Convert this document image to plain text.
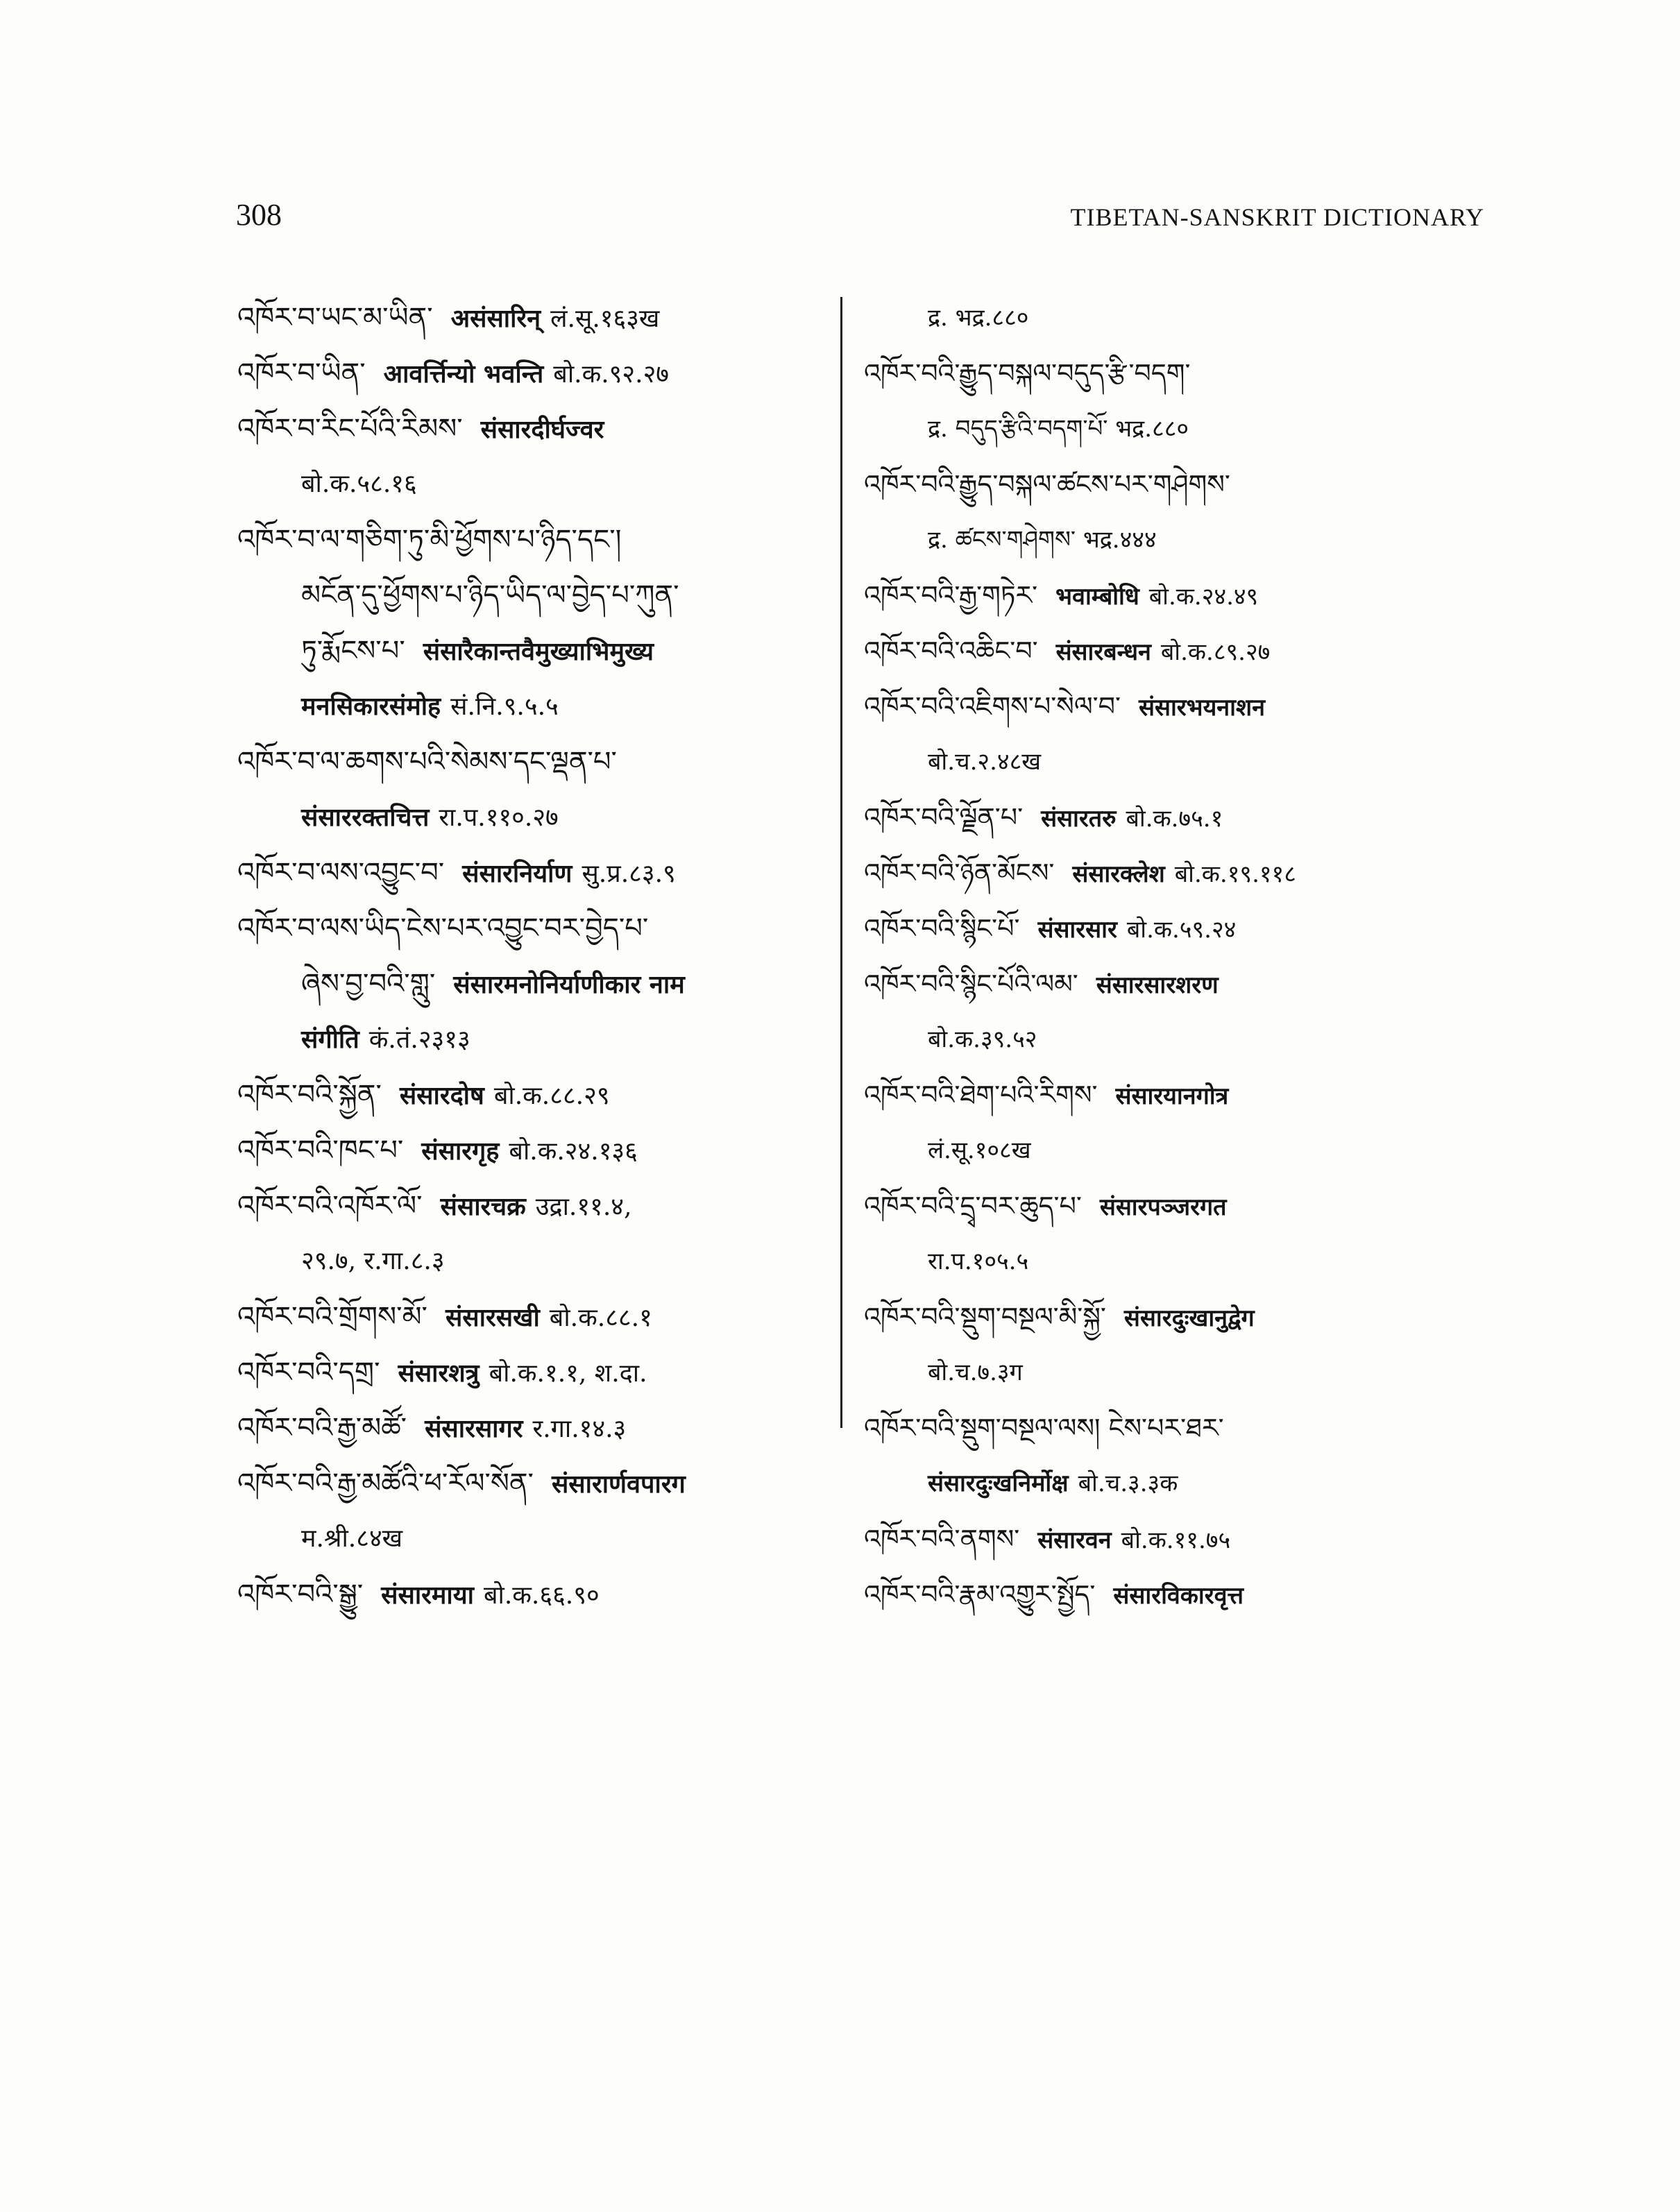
308	TIBETAN-SANSKRIT DICTIONARY
འཁོར་བ་ཡང་མ་ཡིན་ असंसारिन् लं.सू.१६३ख
འཁོར་བ་ཡིན་ आवर्त्तिन्यो भवन्ति बो.क.९२.२७
འཁོར་བ་རིང་པོའི་རིམས་ संसारदीर्घज्वर
बो.क.५८.१६
འཁོར་བ་ལ་གཅིག་ཏུ་མི་ཕྱོགས་པ་ཉིད་དང་།
མངོན་དུ་ཕྱོགས་པ་ཉིད་ཡིད་ལ་བྱེད་པ་ཀུན་
ཏུ་རྨོངས་པ་ संसारैकान्तवैमुख्याभिमुख्य
मनसिकारसंमोह सं.नि.९.५.५
འཁོར་བ་ལ་ཆགས་པའི་སེམས་དང་ལྡན་པ་
संसाररक्तचित्त रा.प.११०.२७
འཁོར་བ་ལས་འབྱུང་བ་ संसारनिर्याण सु.प्र.८३.९
འཁོར་བ་ལས་ཡིད་ངེས་པར་འབྱུང་བར་བྱེད་པ་
ཞེས་བྱ་བའི་གླུ་ संसारमनोनिर्याणीकार नाम
संगीति कं.तं.२३१३
འཁོར་བའི་སྐྱོན་ संसारदोष बो.क.८८.२९
འཁོར་བའི་ཁང་པ་ संसारगृह बो.क.२४.१३६
འཁོར་བའི་འཁོར་ལོ་ संसारचक्र उद्रा.११.४,
२९.७, र.गा.८.३
འཁོར་བའི་གྲོགས་མོ་ संसारसखी बो.क.८८.१
འཁོར་བའི་དགྲ་ संसारशत्रु बो.क.१.१, श.दा.
འཁོར་བའི་རྒྱ་མཚོ་ संसारसागर र.गा.१४.३
འཁོར་བའི་རྒྱ་མཚོའི་ཕ་རོལ་སོན་ संसारार्णवपारग
म.श्री.८४ख
འཁོར་བའི་སྒྱུ་ संसारमाया बो.क.६६.९०
द्र. भद्र.८८०
འཁོར་བའི་རྒྱུད་བསྐལ་བདུད་རྩི་བདག་
द्र. བདུད་རྩིའི་བདག་པོ་ भद्र.८८०
འཁོར་བའི་རྒྱུད་བསྐལ་ཚངས་པར་གཤེགས་
द्र. ཚངས་གཤེགས་ भद्र.४४४
འཁོར་བའི་རྒྱ་གཏེར་ भवाम्बोधि बो.क.२४.४९
འཁོར་བའི་འཆིང་བ་ संसारबन्धन बो.क.८९.२७
འཁོར་བའི་འཇིགས་པ་སེལ་བ་ संसारभयनाशन
बो.च.२.४८ख
འཁོར་བའི་ལྗོན་པ་ संसारतरु बो.क.७५.१
འཁོར་བའི་ཉོན་མོངས་ संसारक्लेश बो.क.१९.११८
འཁོར་བའི་སྙིང་པོ་ संसारसार बो.क.५९.२४
འཁོར་བའི་སྙིང་པོའི་ལམ་ संसारसारशरण
बो.क.३९.५२
འཁོར་བའི་ཐེག་པའི་རིགས་ संसारयानगोत्र
लं.सू.१०८ख
འཁོར་བའི་དྲྭ་བར་ཆུད་པ་ संसारपञ्जरगत
रा.प.१०५.५
འཁོར་བའི་སྡུག་བསྔལ་མི་སྐྱོ་ संसारदुःखानुद्वेग
बो.च.७.३ग
འཁོར་བའི་སྡུག་བསྔལ་ལས། ངེས་པར་ཐར་
संसारदुःखनिर्मोक्ष बो.च.३.३क
འཁོར་བའི་ནགས་ संसारवन बो.क.११.७५
འཁོར་བའི་རྣམ་འགྱུར་སྤྱོད་ संसारविकारवृत्त
